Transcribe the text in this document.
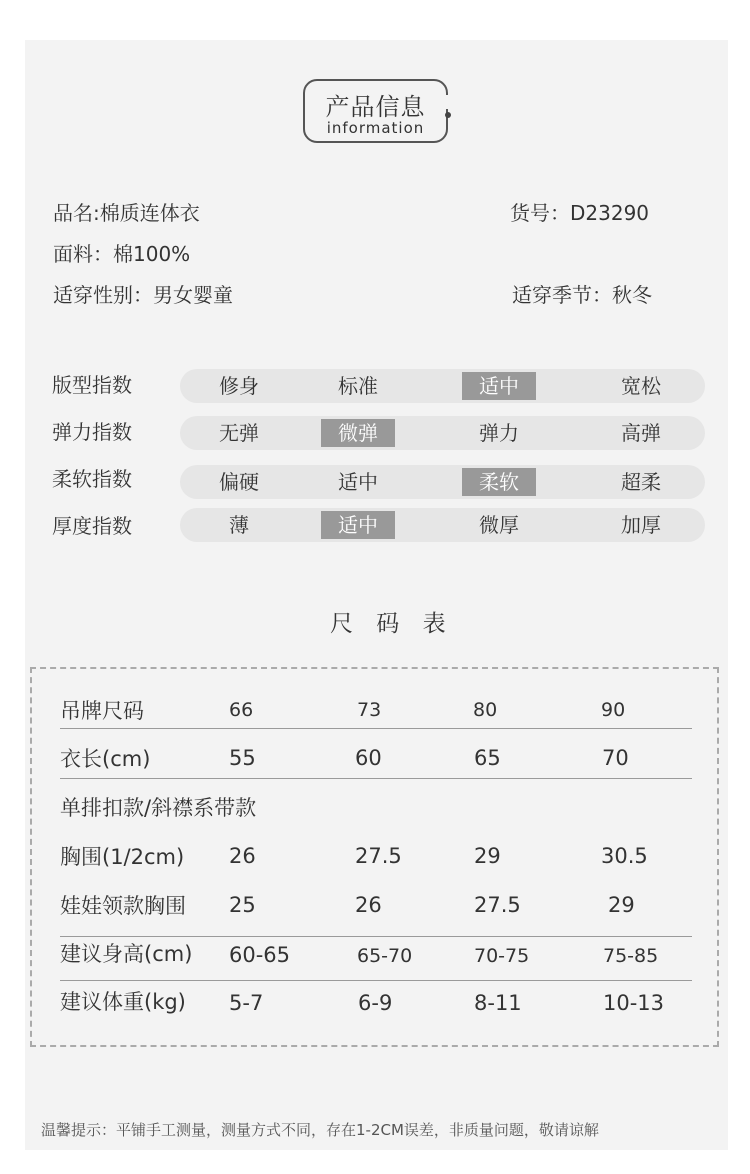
产品信息
information
品名:棉质连体衣	货号：D23290
面料：棉100%
适穿性别：男女婴童	适穿季节：秋冬
版型指数	修身	标准	适中	宽松
弹力指数	无弹	微弹	弹力	高弹
柔软指数	偏硬	适中	柔软	超柔
厚度指数	薄	适中	微厚	加厚
尺 码 表
吊牌尺码	66	73	80	90
衣长(cm)	55	60	65	70
单排扣款/斜襟系带款
胸围(1/2cm) 26	27.5	29	30.5
娃娃领款胸围 25	26	27.5	29
建议身高(cm) 60-65	65-70	70-75	75-85
建议体重(kg) 5-7	6-9	8-11	10-13
温馨提示：平铺手工测量，测量方式不同，存在1-2CM误差，非质量问题，敬请谅解
